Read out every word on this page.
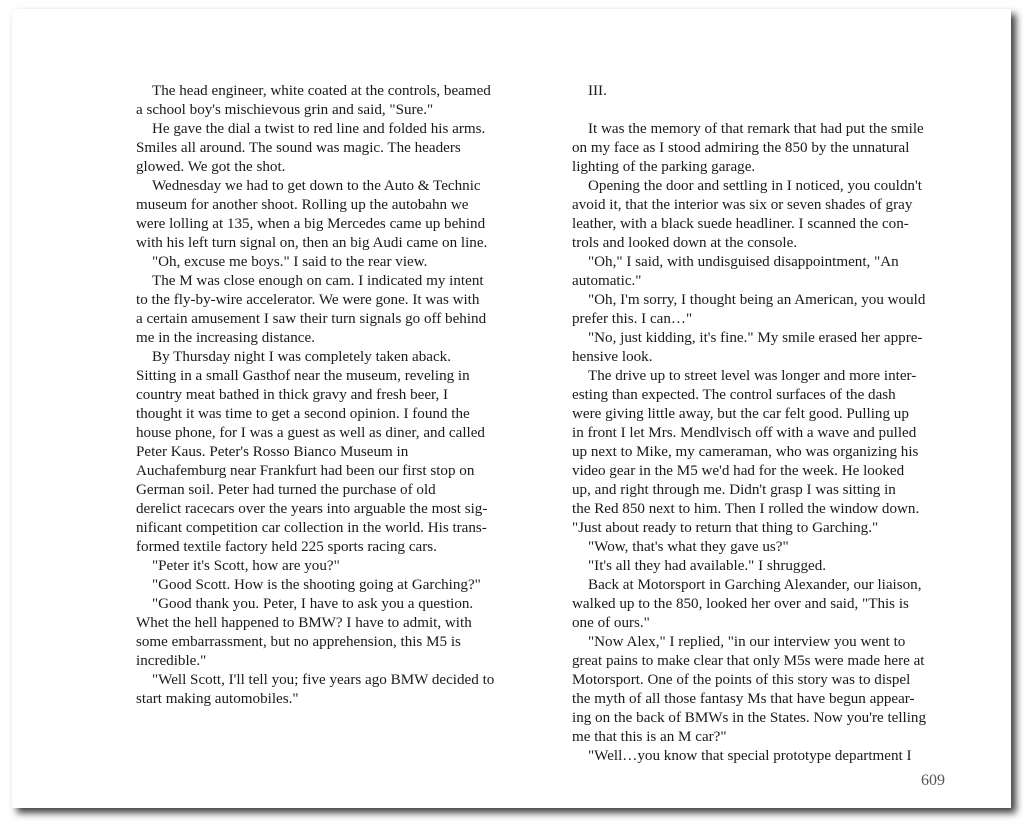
The head engineer, white coated at the controls, beamed
a school boy's mischievous grin and said, "Sure."

He gave the dial a twist to red line and folded his arms.
Smiles all around. The sound was magic. The headers
glowed. We got the shot.

Wednesday we had to get down to the Auto & Technic
museum for another shoot. Rolling up the autobahn we
were lolling at 135, when a big Mercedes came up behind
with his left turn signal on, then an big Audi came on line.

"Oh, excuse me boys." I said to the rear view.

The M was close enough on cam. I indicated my intent
to the fly-by-wire accelerator. We were gone. It was with
a certain amusement I saw their turn signals go off behind
me in the increasing distance.

By Thursday night I was completely taken aback.
Sitting in a small Gasthof near the museum, reveling in
country meat bathed in thick gravy and fresh beer, I
thought it was time to get a second opinion. I found the
house phone, for I was a guest as well as diner, and called
Peter Kaus. Peter's Rosso Bianco Museum in
Auchafemburg near Frankfurt had been our first stop on
German soil. Peter had turned the purchase of old
derelict racecars over the years into arguable the most sig-
nificant competition car collection in the world. His trans-
formed textile factory held 225 sports racing cars.

"Peter it's Scott, how are you?"

"Good Scott. How is the shooting going at Garching?"

"Good thank you. Peter, I have to ask you a question.
Whet the hell happened to BMW? I have to admit, with
some embarrassment, but no apprehension, this M5 is
incredible."

"Well Scott, I'll tell you; five years ago BMW decided to
start making automobiles."

III.

It was the memory of that remark that had put the smile
on my face as I stood admiring the 850 by the unnatural
lighting of the parking garage.

Opening the door and settling in I noticed, you couldn't
avoid it, that the interior was six or seven shades of gray
leather, with a black suede headliner. I scanned the con-
trols and looked down at the console.

"Oh," I said, with undisguised disappointment, "An
automatic."

"Oh, I'm sorry, I thought being an American, you would
prefer this. I can…"

"No, just kidding, it's fine." My smile erased her appre-
hensive look.

The drive up to street level was longer and more inter-
esting than expected. The control surfaces of the dash
were giving little away, but the car felt good. Pulling up
in front I let Mrs. Mendlvisch off with a wave and pulled
up next to Mike, my cameraman, who was organizing his
video gear in the M5 we'd had for the week. He looked
up, and right through me. Didn't grasp I was sitting in
the Red 850 next to him. Then I rolled the window down.

"Just about ready to return that thing to Garching."

"Wow, that's what they gave us?"

"It's all they had available." I shrugged.

Back at Motorsport in Garching Alexander, our liaison,
walked up to the 850, looked her over and said, "This is
one of ours."

"Now Alex," I replied, "in our interview you went to
great pains to make clear that only M5s were made here at
Motorsport. One of the points of this story was to dispel
the myth of all those fantasy Ms that have begun appear-
ing on the back of BMWs in the States. Now you're telling
me that this is an M car?"

"Well…you know that special prototype department I

609
